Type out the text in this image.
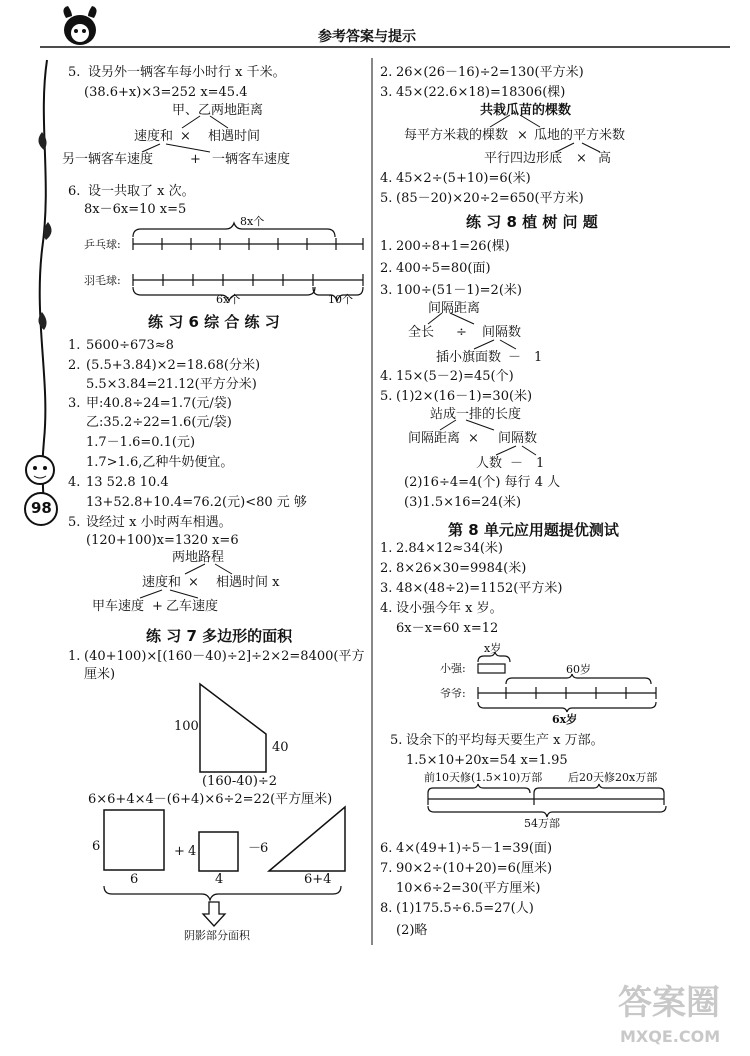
参考答案与提示
98
5. 设另外一辆客车每小时行 x 千米。
(38.6+x)×3=252 x=45.4
甲、乙两地距离
速度和 × 相遇时间
另一辆客车速度	+ 一辆客车速度
6. 设一共取了 x 次。
8x－6x=10 x=5
8x个
乒乓球:
羽毛球:
6x个	10个
练 习 6 综 合 练 习
1. 5600÷673≈8
2. (5.5+3.84)×2=18.68(分米)
5.5×3.84=21.12(平方分米)
3. 甲:40.8÷24=1.7(元/袋)
乙:35.2÷22=1.6(元/袋)
1.7－1.6=0.1(元)
1.7>1.6,乙种牛奶便宜。
4. 13 52.8 10.4
13+52.8+10.4=76.2(元)<80 元 够
5. 设经过 x 小时两车相遇。
(120+100)x=1320 x=6
两地路程
速度和 × 相遇时间 x
甲车速度 + 乙车速度
练 习 7 多边形的面积
1. (40+100)×[(160－40)÷2]÷2×2=8400(平方
厘米)
100
40
(160-40)÷2
6×6+4×4－(6+4)×6÷2=22(平方厘米)
6
6
+ 4
4
－
6
6+4
阴影部分面积
2. 26×(26－16)÷2=130(平方米)
3. 45×(22.6×18)=18306(棵)
共栽瓜苗的棵数
每平方米栽的棵数 × 瓜地的平方米数
平行四边形底 × 高
4. 45×2÷(5+10)=6(米)
5. (85－20)×20÷2=650(平方米)
练 习 8 植 树 问 题
1. 200÷8+1=26(棵)
2. 400÷5=80(面)
3. 100÷(51－1)=2(米)
间隔距离
全长 ÷ 间隔数
插小旗面数 － 1
4. 15×(5－2)=45(个)
5. (1)2×(16－1)=30(米)
站成一排的长度
间隔距离 × 间隔数
人数 － 1
(2)16÷4=4(个) 每行 4 人
(3)1.5×16=24(米)
第 8 单元应用题提优测试
1. 2.84×12≈34(米)
2. 8×26×30=9984(米)
3. 48×(48÷2)=1152(平方米)
4. 设小强今年 x 岁。
6x－x=60 x=12
x岁
小强:	60岁
爷爷:
6x岁
5. 设余下的平均每天要生产 x 万部。
1.5×10+20x=54 x=1.95
前10天修(1.5×10)万部 后20天修20x万部
54万部
6. 4×(49+1)÷5－1=39(面)
7. 90×2÷(10+20)=6(厘米)
10×6÷2=30(平方厘米)
8. (1)175.5÷6.5=27(人)
(2)略
答案圈
MXQE.COM
